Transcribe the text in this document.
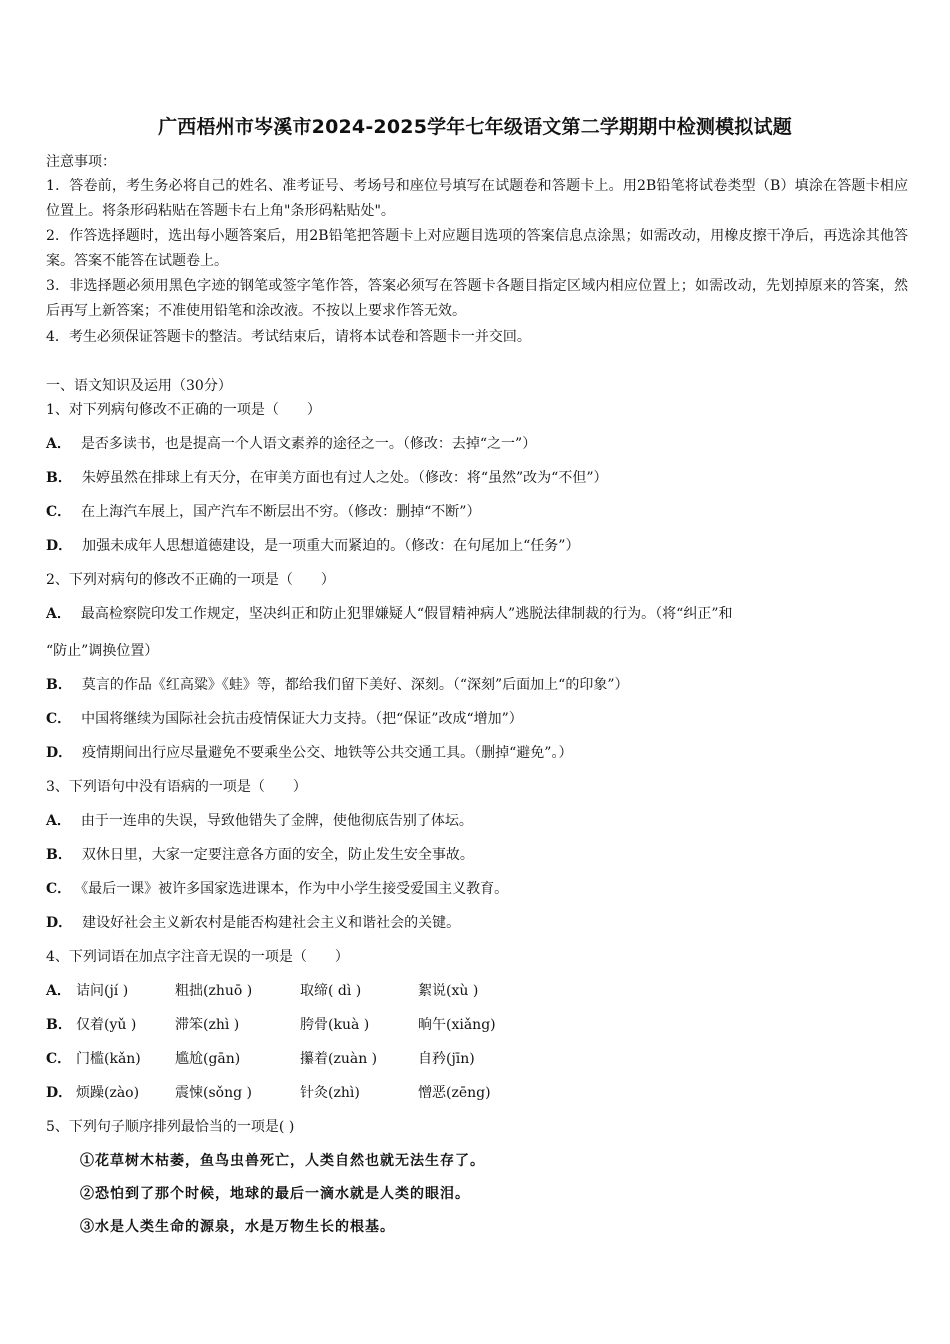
广西梧州市岑溪市2024-2025学年七年级语文第二学期期中检测模拟试题
注意事项：
1．答卷前，考生务必将自己的姓名、准考证号、考场号和座位号填写在试题卷和答题卡上。用2B铅笔将试卷类型（B）填涂在答题卡相应位置上。将条形码粘贴在答题卡右上角"条形码粘贴处"。
2．作答选择题时，选出每小题答案后，用2B铅笔把答题卡上对应题目选项的答案信息点涂黑；如需改动，用橡皮擦干净后，再选涂其他答案。答案不能答在试题卷上。
3．非选择题必须用黑色字迹的钢笔或签字笔作答，答案必须写在答题卡各题目指定区域内相应位置上；如需改动，先划掉原来的答案，然后再写上新答案；不准使用铅笔和涂改液。不按以上要求作答无效。
4．考生必须保证答题卡的整洁。考试结束后，请将本试卷和答题卡一并交回。
一、语文知识及运用（30分）
1、对下列病句修改不正确的一项是（　　）
A． 是否多读书，也是提高一个人语文素养的途径之一。（修改：去掉“之一”）
B． 朱婷虽然在排球上有天分，在审美方面也有过人之处。（修改：将“虽然”改为“不但”）
C． 在上海汽车展上，国产汽车不断层出不穷。（修改：删掉“不断”）
D． 加强未成年人思想道德建设，是一项重大而紧迫的。（修改：在句尾加上“任务”）
2、下列对病句的修改不正确的一项是（　　）
A． 最高检察院印发工作规定，坚决纠正和防止犯罪嫌疑人“假冒精神病人”逃脱法律制裁的行为。（将“纠正”和
“防止”调换位置）
B． 莫言的作品《红高粱》《蛙》等，都给我们留下美好、深刻。（“深刻”后面加上“的印象”）
C． 中国将继续为国际社会抗击疫情保证大力支持。（把“保证”改成“增加”）
D． 疫情期间出行应尽量避免不要乘坐公交、地铁等公共交通工具。（删掉“避免”。）
3、下列语句中没有语病的一项是（　　）
A． 由于一连串的失误，导致他错失了金牌，使他彻底告别了体坛。
B． 双休日里，大家一定要注意各方面的安全，防止发生安全事故。
C． 《最后一课》被许多国家选进课本，作为中小学生接受爱国主义教育。
D． 建设好社会主义新农村是能否构建社会主义和谐社会的关键。
4、下列词语在加点字注音无误的一项是（　　）
A． 诘问(jí )	粗拙(zhuō )	取缔( dì )	絮说(xù )
B． 仅着(yǔ )	滞笨(zhì )	胯骨(kuà )	晌午(xiǎng)
C． 门槛(kǎn) 尴尬(gān)	攥着(zuàn )	自矜(jīn)
D． 烦躁(zào)	震悚(sǒng )	针灸(zhì)	憎恶(zēng)
5、下列句子顺序排列最恰当的一项是( )
①花草树木枯萎，鱼鸟虫兽死亡，人类自然也就无法生存了。
②恐怕到了那个时候，地球的最后一滴水就是人类的眼泪。
③水是人类生命的源泉，水是万物生长的根基。
